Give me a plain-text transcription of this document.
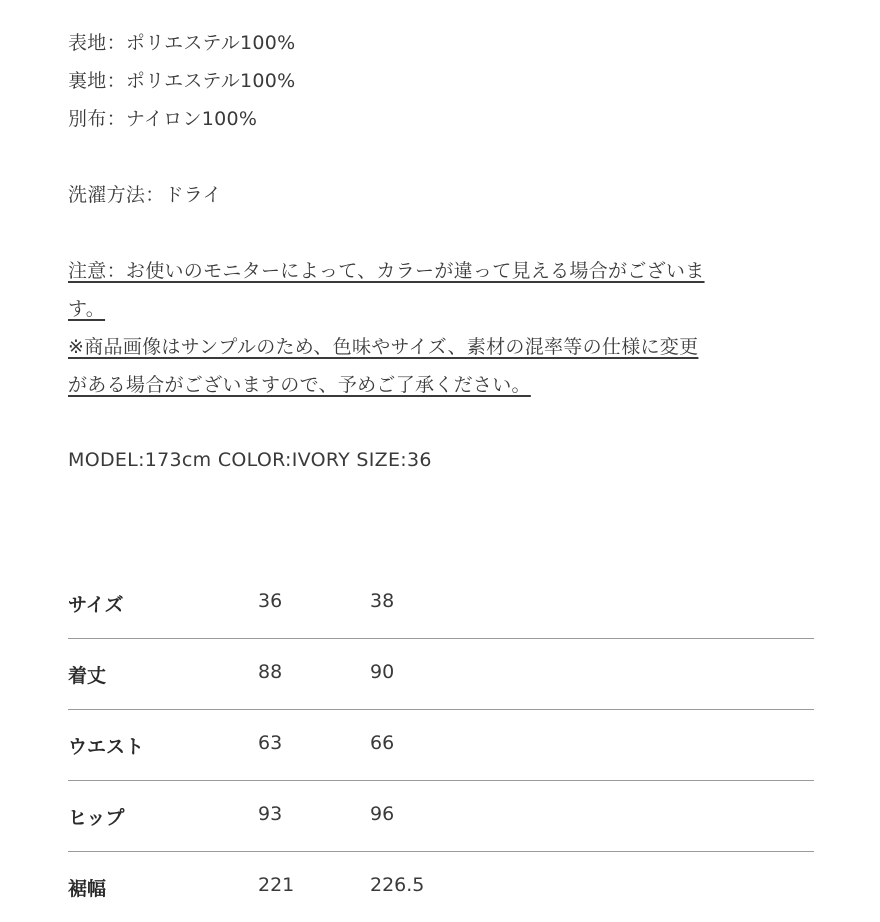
表地：ポリエステル100%
裏地：ポリエステル100%
別布：ナイロン100%
洗濯方法：ドライ
注意：お使いのモニターによって、カラーが違って見える場合がございま
す。
※商品画像はサンプルのため、色味やサイズ、素材の混率等の仕様に変更
がある場合がございますので、予めご了承ください。
MODEL:173cm COLOR:IVORY SIZE:36
サイズ	36	38
着丈	88	90
ウエスト	63	66
ヒップ	93	96
裾幅	221	226.5
